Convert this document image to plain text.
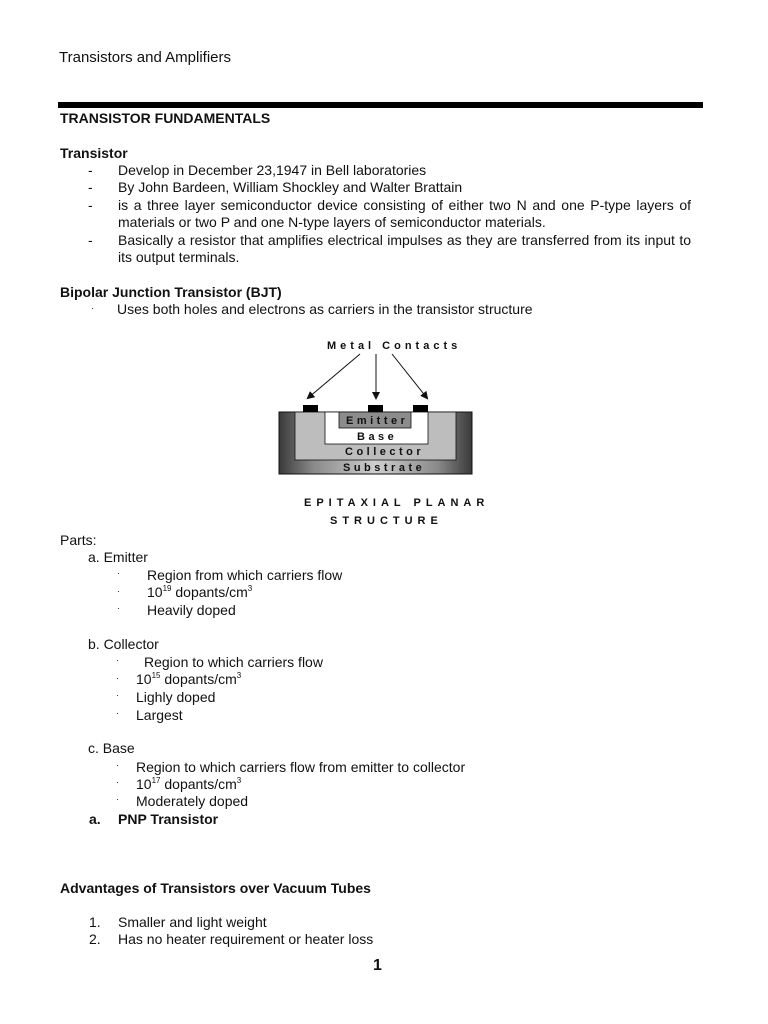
Transistors and Amplifiers
TRANSISTOR FUNDAMENTALS
Transistor
- Develop in December 23,1947 in Bell laboratories
- By John Bardeen, William Shockley and Walter Brattain
- is a three layer semiconductor device consisting of either two N and one P-type layers of materials or two P and one N-type layers of semiconductor materials.
- Basically a resistor that amplifies electrical impulses as they are transferred from its input to its output terminals.
Bipolar Junction Transistor (BJT)
· Uses both holes and electrons as carriers in the transistor structure
Metal Contacts
Emitter
Base
Collector
Substrate
EPITAXIAL PLANAR
STRUCTURE
Parts:
a. Emitter
· Region from which carriers flow
· $10^{19}$ dopants/$cm^3$
· Heavily doped
b. Collector
· Region to which carriers flow
· $10^{15}$ dopants/$cm^3$
· Lighly doped
· Largest
c. Base
· Region to which carriers flow from emitter to collector
· $10^{17}$ dopants/$cm^3$
· Moderately doped
a. PNP Transistor
Advantages of Transistors over Vacuum Tubes
1. Smaller and light weight
2. Has no heater requirement or heater loss
1
